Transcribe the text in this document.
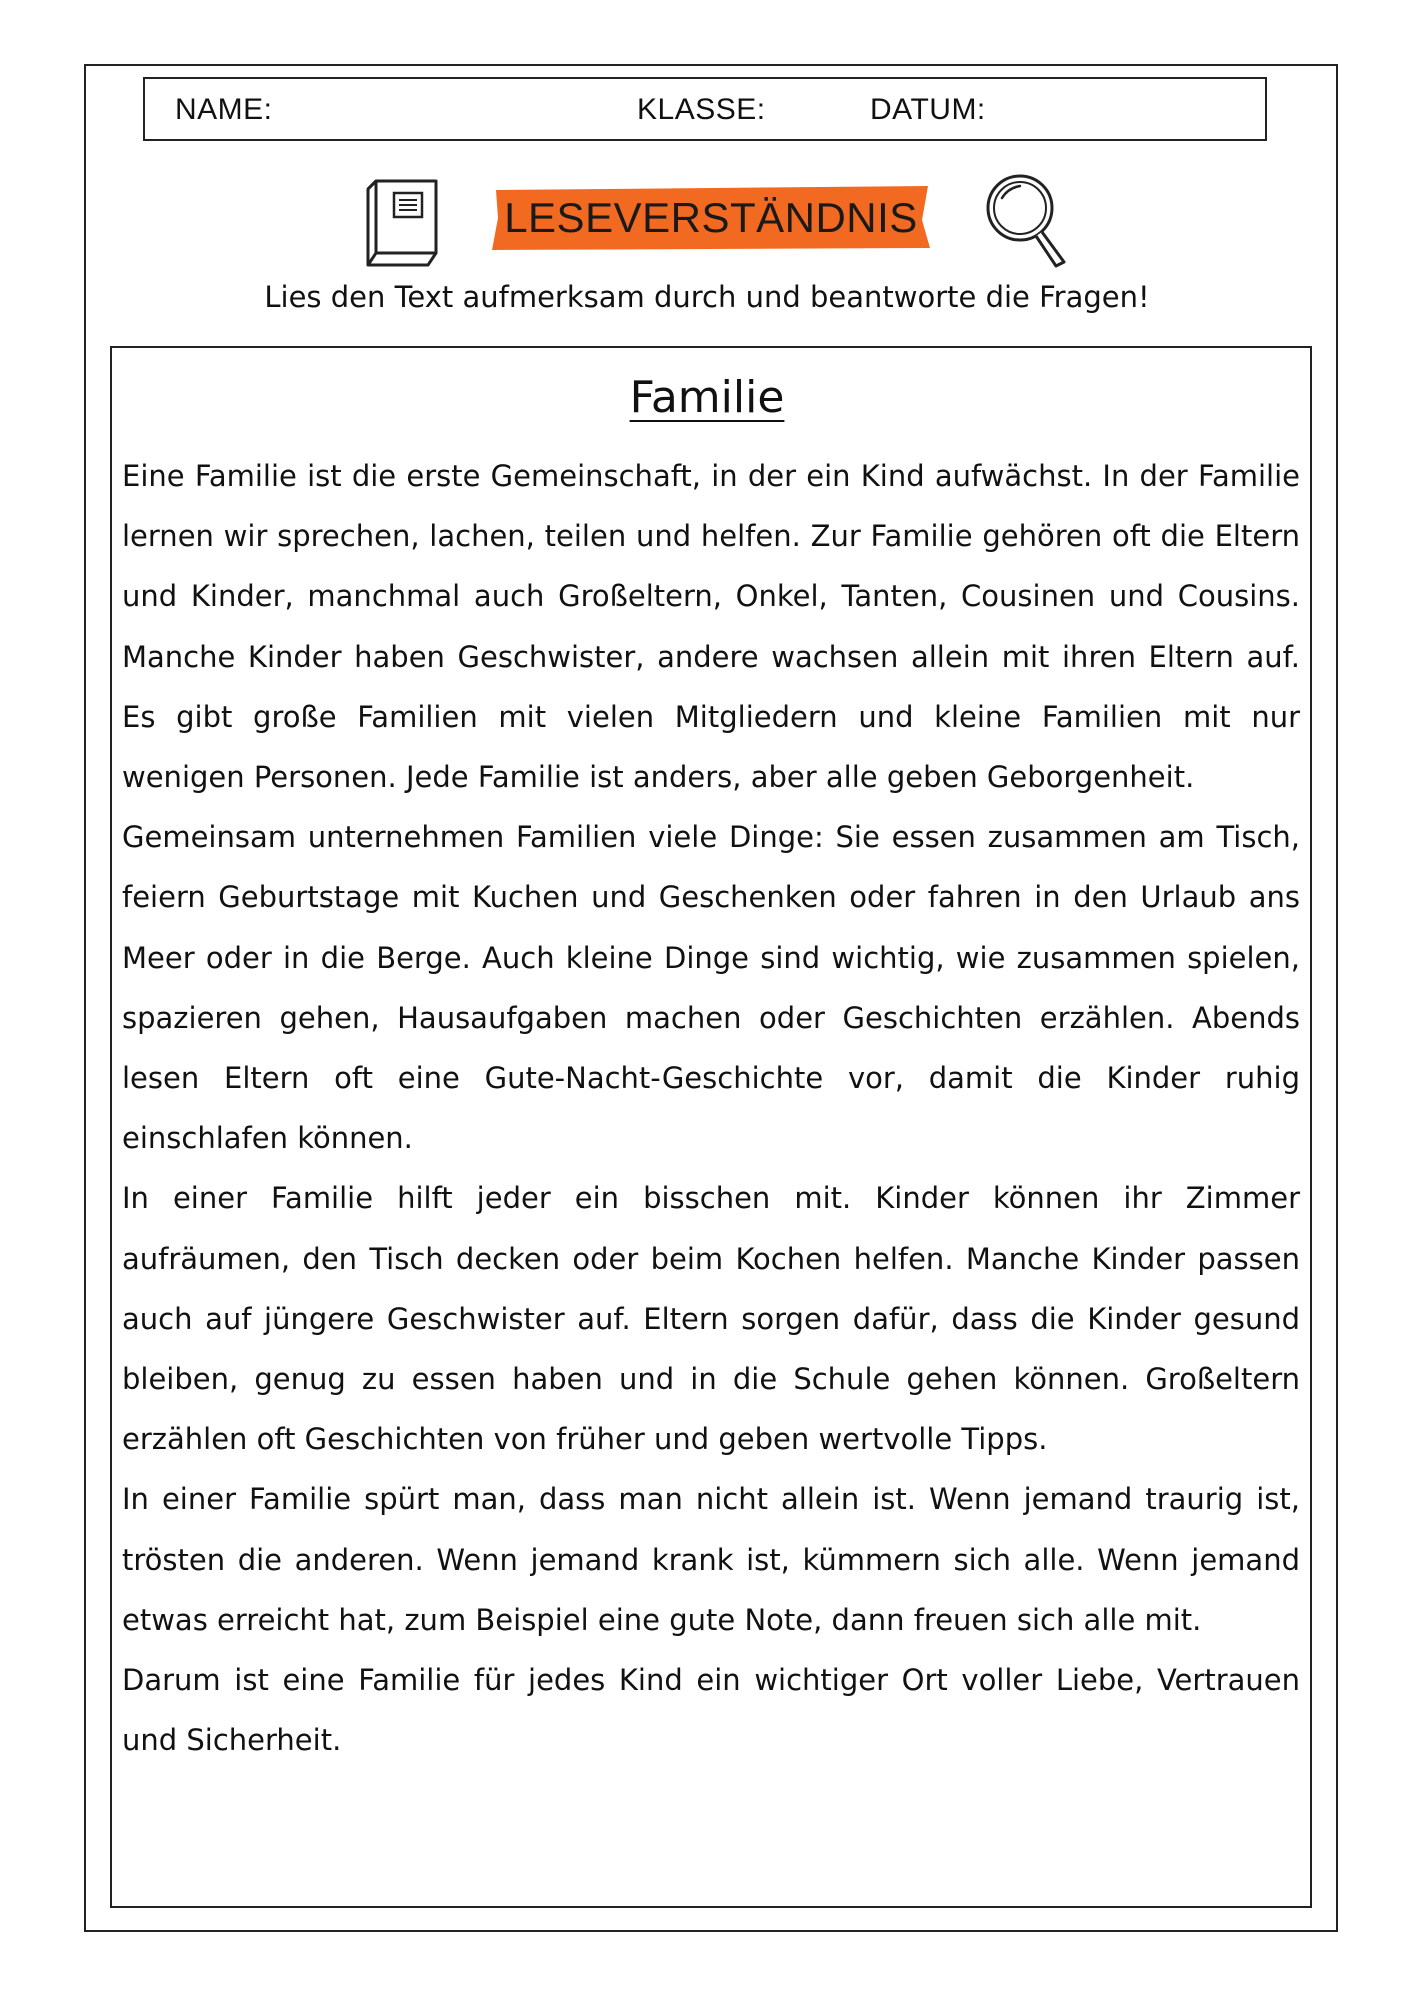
NAME:	KLASSE:	DATUM:
LESEVERSTÄNDNIS
Lies den Text aufmerksam durch und beantworte die Fragen!
Familie

Eine Familie ist die erste Gemeinschaft, in der ein Kind aufwächst. In der Familie lernen wir sprechen, lachen, teilen und helfen. Zur Familie gehören oft die Eltern und Kinder, manchmal auch Großeltern, Onkel, Tanten, Cousinen und Cousins. Manche Kinder haben Geschwister, andere wachsen allein mit ihren Eltern auf. Es gibt große Familien mit vielen Mitgliedern und kleine Familien mit nur wenigen Personen. Jede Familie ist anders, aber alle geben Geborgenheit.

Gemeinsam unternehmen Familien viele Dinge: Sie essen zusammen am Tisch, feiern Geburtstage mit Kuchen und Geschenken oder fahren in den Urlaub ans Meer oder in die Berge. Auch kleine Dinge sind wichtig, wie zusammen spielen, spazieren gehen, Hausaufgaben machen oder Geschichten erzählen. Abends lesen Eltern oft eine Gute-Nacht-Geschichte vor, damit die Kinder ruhig einschlafen können.

In einer Familie hilft jeder ein bisschen mit. Kinder können ihr Zimmer aufräumen, den Tisch decken oder beim Kochen helfen. Manche Kinder passen auch auf jüngere Geschwister auf. Eltern sorgen dafür, dass die Kinder gesund bleiben, genug zu essen haben und in die Schule gehen können. Großeltern erzählen oft Geschichten von früher und geben wertvolle Tipps.

In einer Familie spürt man, dass man nicht allein ist. Wenn jemand traurig ist, trösten die anderen. Wenn jemand krank ist, kümmern sich alle. Wenn jemand etwas erreicht hat, zum Beispiel eine gute Note, dann freuen sich alle mit.

Darum ist eine Familie für jedes Kind ein wichtiger Ort voller Liebe, Vertrauen und Sicherheit.
